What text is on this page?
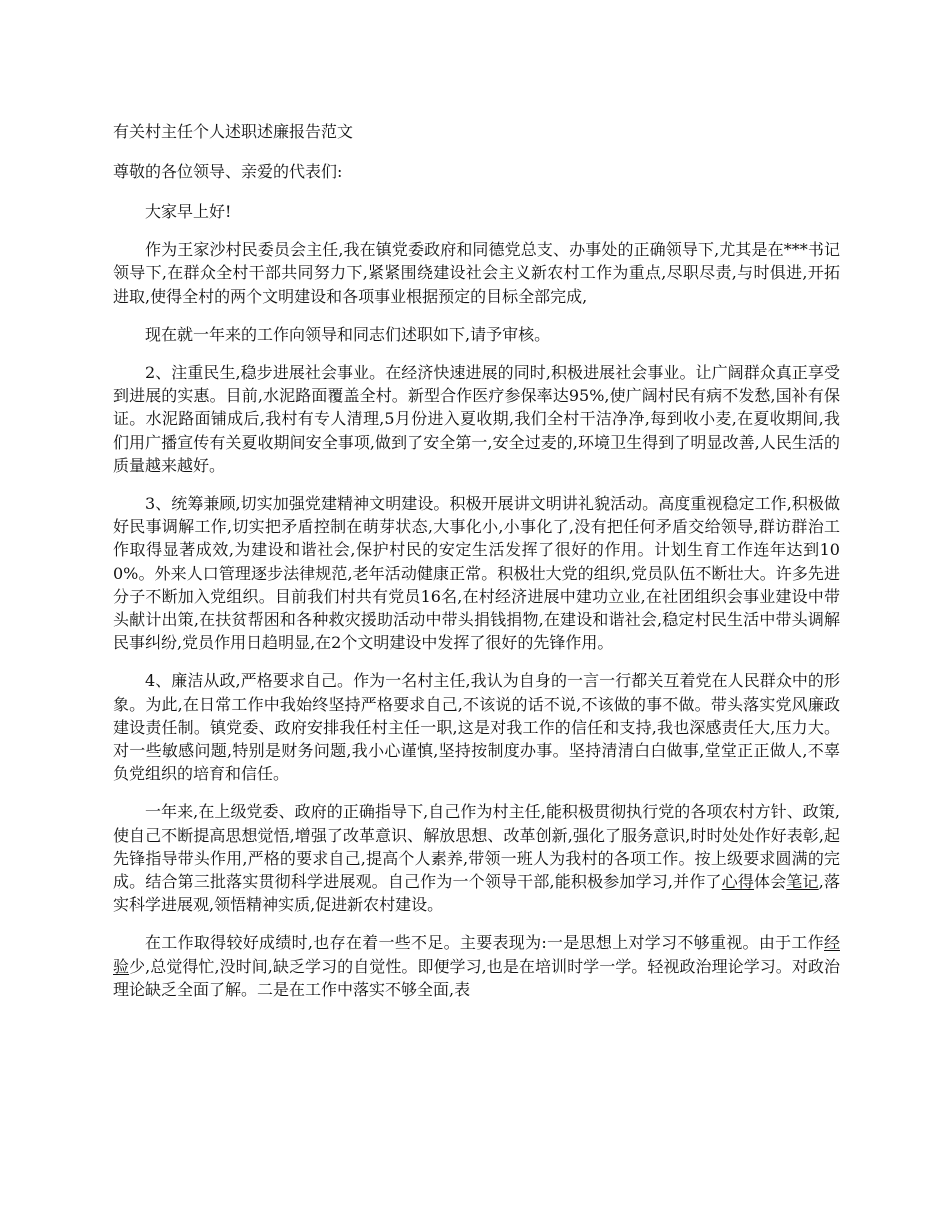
有关村主任个人述职述廉报告范文
尊敬的各位领导、亲爱的代表们:
大家早上好!
作为王家沙村民委员会主任,我在镇党委政府和同德党总支、办事处的正确领导下,尤其是在***书记领导下,在群众全村干部共同努力下,紧紧围绕建设社会主义新农村工作为重点,尽职尽责,与时俱进,开拓进取,使得全村的两个文明建设和各项事业根据预定的目标全部完成,
现在就一年来的工作向领导和同志们述职如下,请予审核。
2、注重民生,稳步进展社会事业。在经济快速进展的同时,积极进展社会事业。让广阔群众真正享受到进展的实惠。目前,水泥路面覆盖全村。新型合作医疗参保率达95%,使广阔村民有病不发愁,国补有保证。水泥路面铺成后,我村有专人清理,5月份进入夏收期,我们全村干洁净净,每到收小麦,在夏收期间,我们用广播宣传有关夏收期间安全事项,做到了安全第一,安全过麦的,环境卫生得到了明显改善,人民生活的质量越来越好。
3、统筹兼顾,切实加强党建精神文明建设。积极开展讲文明讲礼貌活动。高度重视稳定工作,积极做好民事调解工作,切实把矛盾控制在萌芽状态,大事化小,小事化了,没有把任何矛盾交给领导,群访群治工作取得显著成效,为建设和谐社会,保护村民的安定生活发挥了很好的作用。计划生育工作连年达到100%。外来人口管理逐步法律规范,老年活动健康正常。积极壮大党的组织,党员队伍不断壮大。许多先进分子不断加入党组织。目前我们村共有党员16名,在村经济进展中建功立业,在社团组织会事业建设中带头献计出策,在扶贫帮困和各种救灾援助活动中带头捐钱捐物,在建设和谐社会,稳定村民生活中带头调解民事纠纷,党员作用日趋明显,在2个文明建设中发挥了很好的先锋作用。
4、廉洁从政,严格要求自己。作为一名村主任,我认为自身的一言一行都关互着党在人民群众中的形象。为此,在日常工作中我始终坚持严格要求自己,不该说的话不说,不该做的事不做。带头落实党风廉政建设责任制。镇党委、政府安排我任村主任一职,这是对我工作的信任和支持,我也深感责任大,压力大。对一些敏感问题,特别是财务问题,我小心谨慎,坚持按制度办事。坚持清清白白做事,堂堂正正做人,不辜负党组织的培育和信任。
一年来,在上级党委、政府的正确指导下,自己作为村主任,能积极贯彻执行党的各项农村方针、政策,使自己不断提高思想觉悟,增强了改革意识、解放思想、改革创新,强化了服务意识,时时处处作好表彰,起先锋指导带头作用,严格的要求自己,提高个人素养,带领一班人为我村的各项工作。按上级要求圆满的完成。结合第三批落实贯彻科学进展观。自己作为一个领导干部,能积极参加学习,并作了心得体会笔记,落实科学进展观,领悟精神实质,促进新农村建设。
在工作取得较好成绩时,也存在着一些不足。主要表现为:一是思想上对学习不够重视。由于工作经验少,总觉得忙,没时间,缺乏学习的自觉性。即便学习,也是在培训时学一学。轻视政治理论学习。对政治理论缺乏全面了解。二是在工作中落实不够全面,表
